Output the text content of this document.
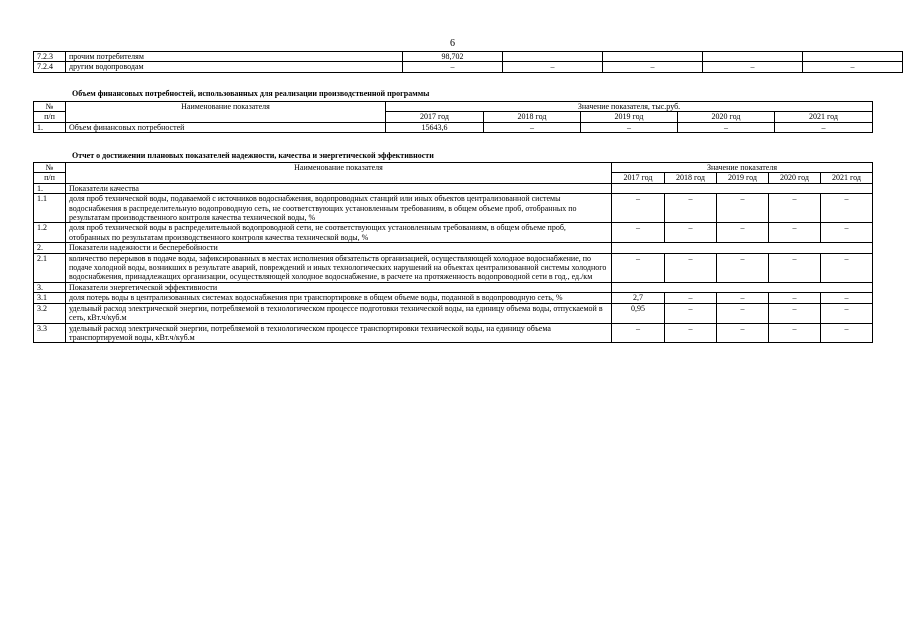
6
7.2.3	прочим потребителям	98,702				
7.2.4	другим водопроводам	–	–	–	–	–
Объем финансовых потребностей, использованных для реализации производственной программы
№	Наименование показателя	Значение показателя, тыс.руб.				
п/п		2017 год	2018 год	2019 год	2020 год	2021 год
1.	Объем финансовых потребностей	15643,6	–	–	–	–
Отчет о достижении плановых показателей надежности, качества и энергетической эффективности
№	Наименование показателя	Значение показателя				
п/п		2017 год	2018 год	2019 год	2020 год	2021 год
1.	Показатели качества					
1.1	доля проб технической воды, подаваемой с источников водоснабжения, водопроводных станций или иных объектов централизованной системы водоснабжения в распределительную водопроводную сеть, не соответствующих установленным требованиям, в общем объеме проб, отобранных по результатам производственного контроля качества технической воды, %	–	–	–	–	–
1.2	доля проб технической воды в распределительной водопроводной сети, не соответствующих установленным требованиям, в общем объеме проб, отобранных по результатам производственного контроля качества технической воды, %	–	–	–	–	–
2.	Показатели надежности и бесперебойности					
2.1	количество перерывов в подаче воды, зафиксированных в местах исполнения обязательств организацией, осуществляющей холодное водоснабжение, по подаче холодной воды, возникших в результате аварий, повреждений и иных технологических нарушений на объектах централизованной системы холодного водоснабжения, принадлежащих организации, осуществляющей холодное водоснабжение, в расчете на протяженность водопроводной сети в год., ед./км	–	–	–	–	–
3.	Показатели энергетической эффективности					
3.1	доля потерь воды в централизованных системах водоснабжения при транспортировке в общем объеме воды, поданной в водопроводную сеть, %	2,7	–	–	–	–
3.2	удельный расход электрической энергии, потребляемой в технологическом процессе подготовки технической воды, на единицу объема воды, отпускаемой в сеть, кВт.ч/куб.м	0,95	–	–	–	–
3.3	удельный расход электрической энергии, потребляемой в технологическом процессе транспортировки технической воды, на единицу объема транспортируемой воды, кВт.ч/куб.м	–	–	–	–	–
